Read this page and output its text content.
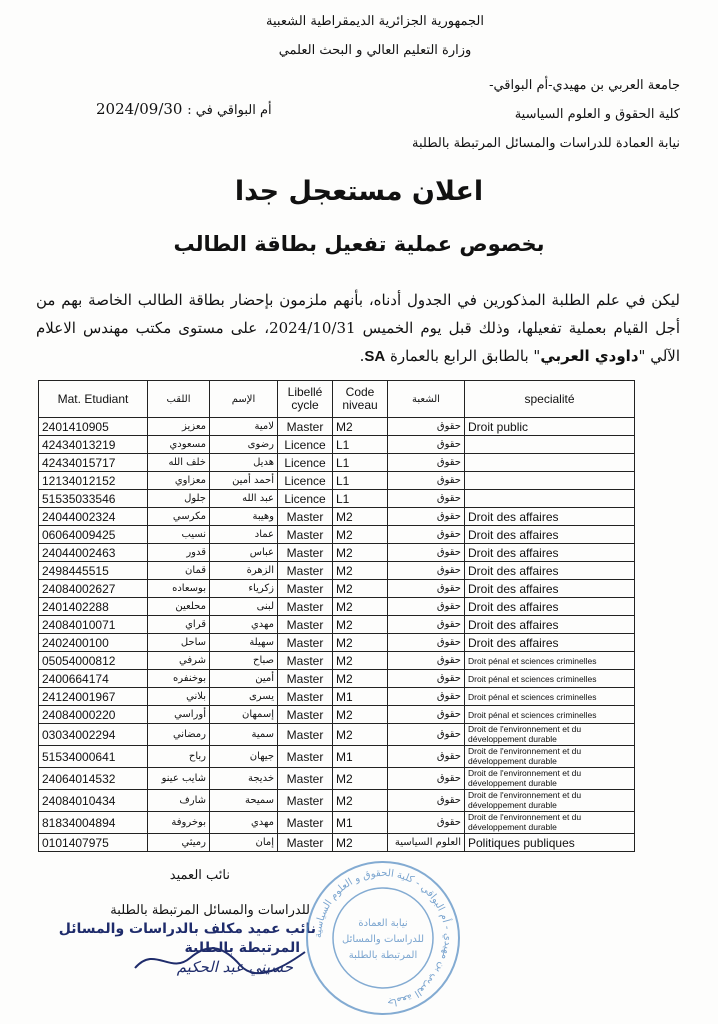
الجمهورية الجزائرية الديمقراطية الشعبية
وزارة التعليم العالي و البحث العلمي
جامعة العربي بن مهيدي-أم البواقي-
كلية الحقوق و العلوم السياسية
نيابة العمادة للدراسات والمسائل المرتبطة بالطلبة
أم البواقي في : 2024/09/30
اعلان مستعجل جدا
بخصوص عملية تفعيل بطاقة الطالب
ليكن في علم الطلبة المذكورين في الجدول أدناه، بأنهم ملزمون بإحضار بطاقة الطالب الخاصة بهم من أجل القيام بعملية تفعيلها، وذلك قبل يوم الخميس 2024/10/31، على مستوى مكتب مهندس الاعلام الآلي "داودي العربي" بالطابق الرابع بالعمارة SA.
Mat. Etudiant	اللقب	الإسم	Libellé cycle	Code niveau	الشعبة	specialité
2401410905	معزيز	لامية	Master	M2	حقوق	Droit public
42434013219	مسعودي	رضوى	Licence	L1	حقوق	
42434015717	خلف الله	هديل	Licence	L1	حقوق	
12134012152	معزاوي	أحمد أمين	Licence	L1	حقوق	
51535033546	جلول	عبد الله	Licence	L1	حقوق	
24044002324	مكرسي	وهيبة	Master	M2	حقوق	Droit des affaires
06064009425	نسيب	عماد	Master	M2	حقوق	Droit des affaires
24044002463	قدور	عباس	Master	M2	حقوق	Droit des affaires
2498445515	قمان	الزهرة	Master	M2	حقوق	Droit des affaires
24084002627	بوسعاده	زكرياء	Master	M2	حقوق	Droit des affaires
2401402288	محلعين	لبنى	Master	M2	حقوق	Droit des affaires
24084010071	قراي	مهدي	Master	M2	حقوق	Droit des affaires
2402400100	ساحل	سهيلة	Master	M2	حقوق	Droit des affaires
05054000812	شرفي	صباح	Master	M2	حقوق	Droit pénal et sciences criminelles
2400664174	بوخنفره	أمين	Master	M2	حقوق	Droit pénal et sciences criminelles
24124001967	بلاني	يسرى	Master	M1	حقوق	Droit pénal et sciences criminelles
24084000220	أوراسي	إسمهان	Master	M2	حقوق	Droit pénal et sciences criminelles
03034002294	رمضاني	سمية	Master	M2	حقوق	Droit de l'environnement et du développement durable
51534000641	رباح	جيهان	Master	M1	حقوق	Droit de l'environnement et du développement durable
24064014532	شايب عينو	خديجة	Master	M2	حقوق	Droit de l'environnement et du développement durable
24084010434	شارف	سميحة	Master	M2	حقوق	Droit de l'environnement et du développement durable
81834004894	بوخروفة	مهدي	Master	M1	حقوق	Droit de l'environnement et du développement durable
0101407975	رميثي	إمان	Master	M2	العلوم السياسية	Politiques publiques
نائب العميد
للدراسات والمسائل المرتبطة بالطلبة
نائب عميد مكلف بالدراسات والمسائل
المرتبطة بالطلبة
حسيني عبد الحكيم
جامعة العربي بن مهيدي - أم البواقي - كلية الحقوق و العلوم السياسية
نيابة العمادة
للدراسات والمسائل
المرتبطة بالطلبة
